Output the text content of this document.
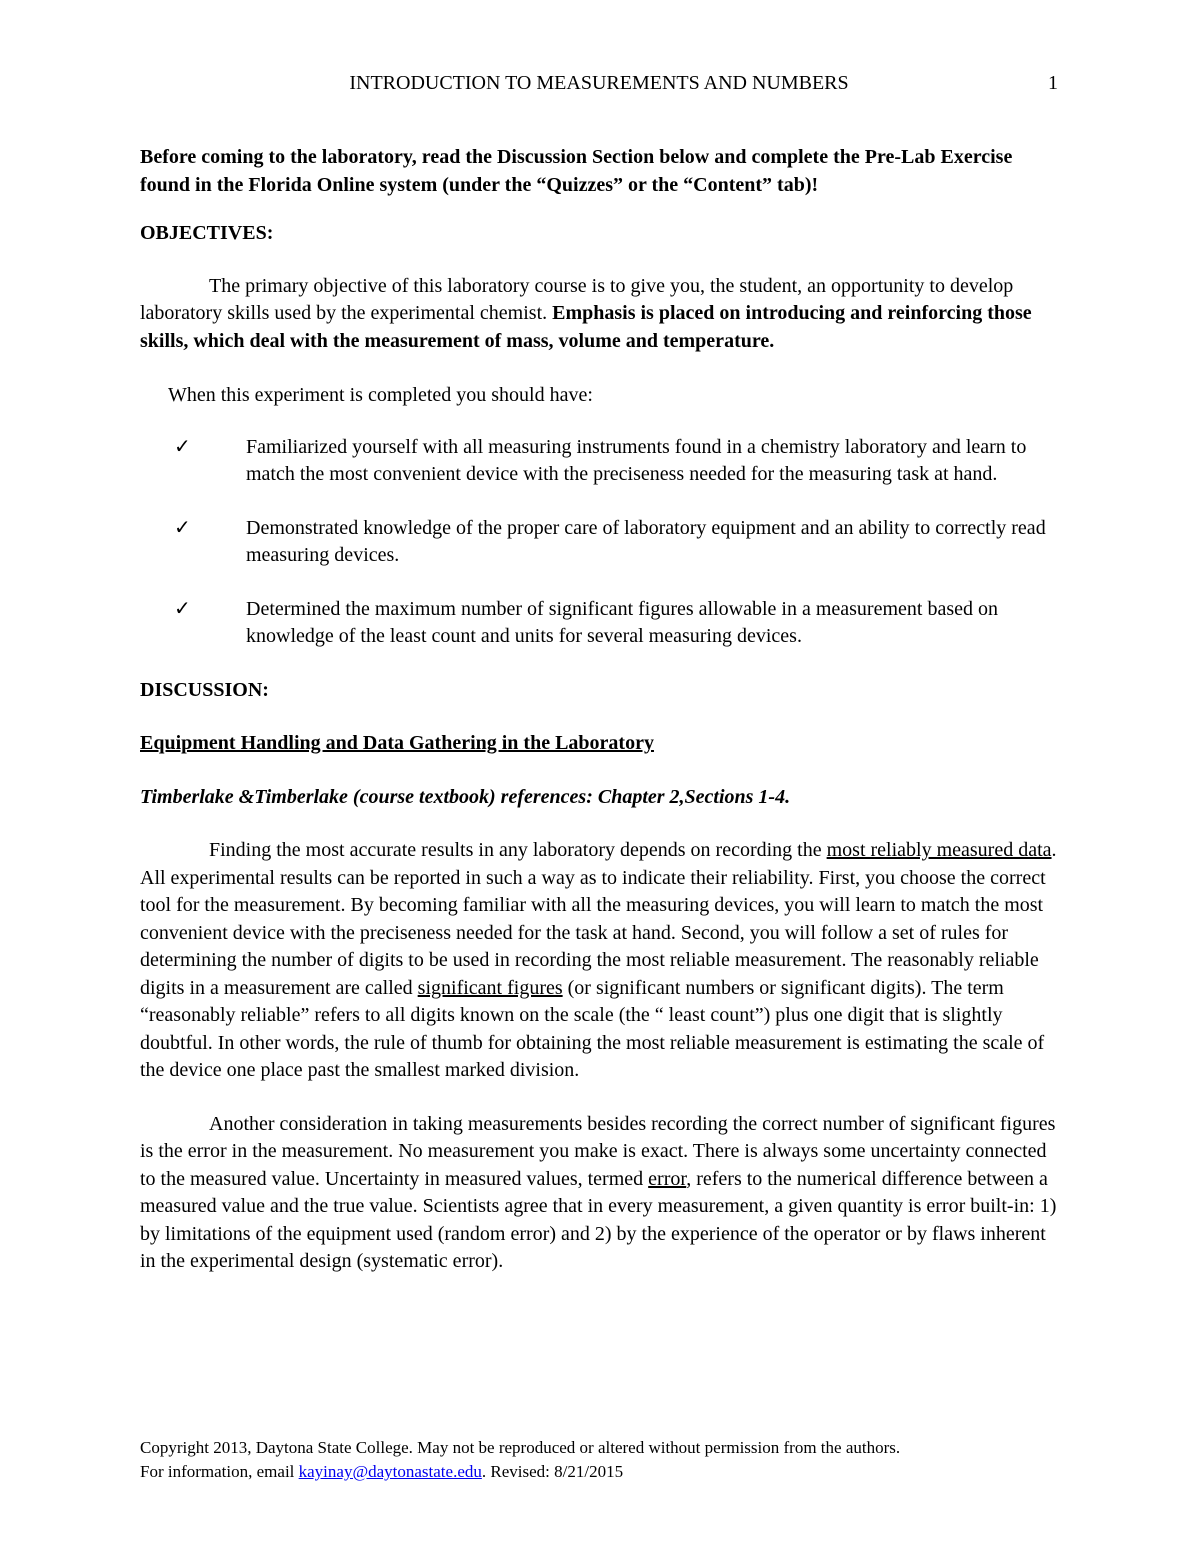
INTRODUCTION TO MEASUREMENTS AND NUMBERS	1

Before coming to the laboratory, read the Discussion Section below and complete the Pre-Lab Exercise found in the Florida Online system (under the “Quizzes” or the “Content” tab)!

OBJECTIVES:

The primary objective of this laboratory course is to give you, the student, an opportunity to develop laboratory skills used by the experimental chemist. Emphasis is placed on introducing and reinforcing those skills, which deal with the measurement of mass, volume and temperature.

When this experiment is completed you should have:

✓	Familiarized yourself with all measuring instruments found in a chemistry laboratory and learn to match the most convenient device with the preciseness needed for the measuring task at hand.
✓	Demonstrated knowledge of the proper care of laboratory equipment and an ability to correctly read measuring devices.
✓	Determined the maximum number of significant figures allowable in a measurement based on knowledge of the least count and units for several measuring devices.

DISCUSSION:

Equipment Handling and Data Gathering in the Laboratory

Timberlake &Timberlake (course textbook) references: Chapter 2,Sections 1-4.

Finding the most accurate results in any laboratory depends on recording the most reliably measured data. All experimental results can be reported in such a way as to indicate their reliability. First, you choose the correct tool for the measurement. By becoming familiar with all the measuring devices, you will learn to match the most convenient device with the preciseness needed for the task at hand. Second, you will follow a set of rules for determining the number of digits to be used in recording the most reliable measurement. The reasonably reliable digits in a measurement are called significant figures (or significant numbers or significant digits). The term “reasonably reliable” refers to all digits known on the scale (the “ least count”) plus one digit that is slightly doubtful. In other words, the rule of thumb for obtaining the most reliable measurement is estimating the scale of the device one place past the smallest marked division.

Another consideration in taking measurements besides recording the correct number of significant figures is the error in the measurement. No measurement you make is exact. There is always some uncertainty connected to the measured value. Uncertainty in measured values, termed error, refers to the numerical difference between a measured value and the true value. Scientists agree that in every measurement, a given quantity is error built-in: 1) by limitations of the equipment used (random error) and 2) by the experience of the operator or by flaws inherent in the experimental design (systematic error).

Copyright 2013, Daytona State College. May not be reproduced or altered without permission from the authors.
For information, email kayinay@daytonastate.edu. Revised: 8/21/2015
